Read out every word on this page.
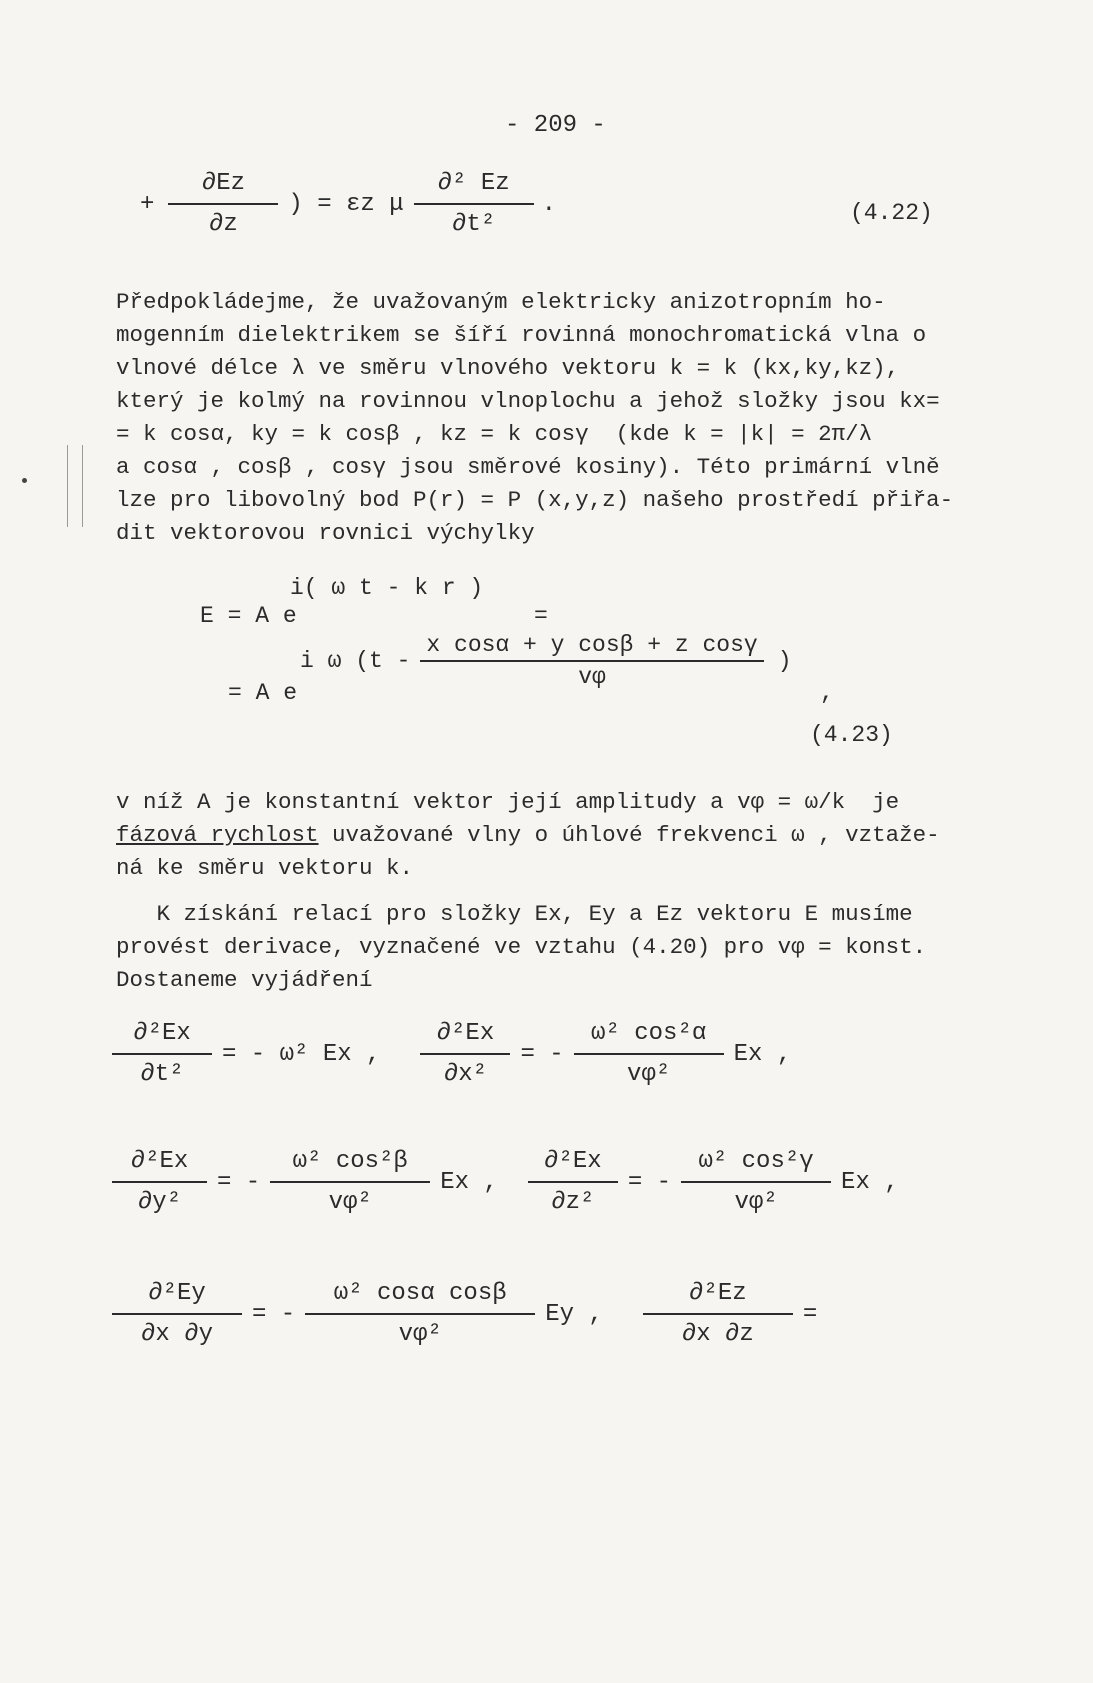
- 209 -
+ $\frac{\partial Ez}{\partial z}$ ) = εz μ $\frac{\text{∂² Ez}}{\text{∂t²}}$ .	(4.22)

Předpokládejme, že uvažovaným elektricky anizotropním ho-

mogenním dielektrikem se šíří rovinná monochromatická vlna o

vlnové délce λ ve směru vlnového vektoru k = k (kx,ky,kz),

který je kolmý na rovinnou vlnoplochu a jehož složky jsou kx=

= k cosα, ky = k cosβ , kz = k cosγ  (kde k = |k| = 2π/λ

a cosα , cosβ , cosγ jsou směrové kosiny). Této primární vlně

lze pro libovolný bod P(r) = P (x,y,z) našeho prostředí přiřa-

dit vektorovou rovnici výchylky

i( ω t - k r )
E = A e	=
i ω ($t - \frac{\text{x cosα + y cosβ + z cosγ}}{v\varphi}$ )
= A e	,
(4.23)

v níž A je konstantní vektor její amplitudy a vφ = ω/k  je

fázová rychlost uvažované vlny o úhlové frekvenci ω , vztaže-

ná ke směru vektoru k.

K získání relací pro složky Ex, Ey a Ez vektoru E musíme

provést derivace, vyznačené ve vztahu (4.20) pro vφ = konst.

Dostaneme vyjádření

$\frac{\text{∂²Ex}}{\text{∂t²}}$ = - ω² Ex ,	$\frac{\text{∂²Ex}}{\text{∂x²}}$ = - $\frac{\text{ω² cos²α}}{\text{vφ²}}$ Ex ,
$\frac{\text{∂²Ex}}{\text{∂y²}}$ = - $\frac{\text{ω² cos²β}}{\text{vφ²}}$ Ex ,	$\frac{\text{∂²Ex}}{\text{∂z²}}$ = - $\frac{\text{ω² cos²γ}}{\text{vφ²}}$ Ex ,
$\frac{\text{∂²Ey}}{\partial x \partial y}$ = - $\frac{\text{ω² cosα cosβ}}{\text{vφ²}}$ Ey ,	$\frac{\text{∂²Ez}}{\partial x \partial z}$ =
